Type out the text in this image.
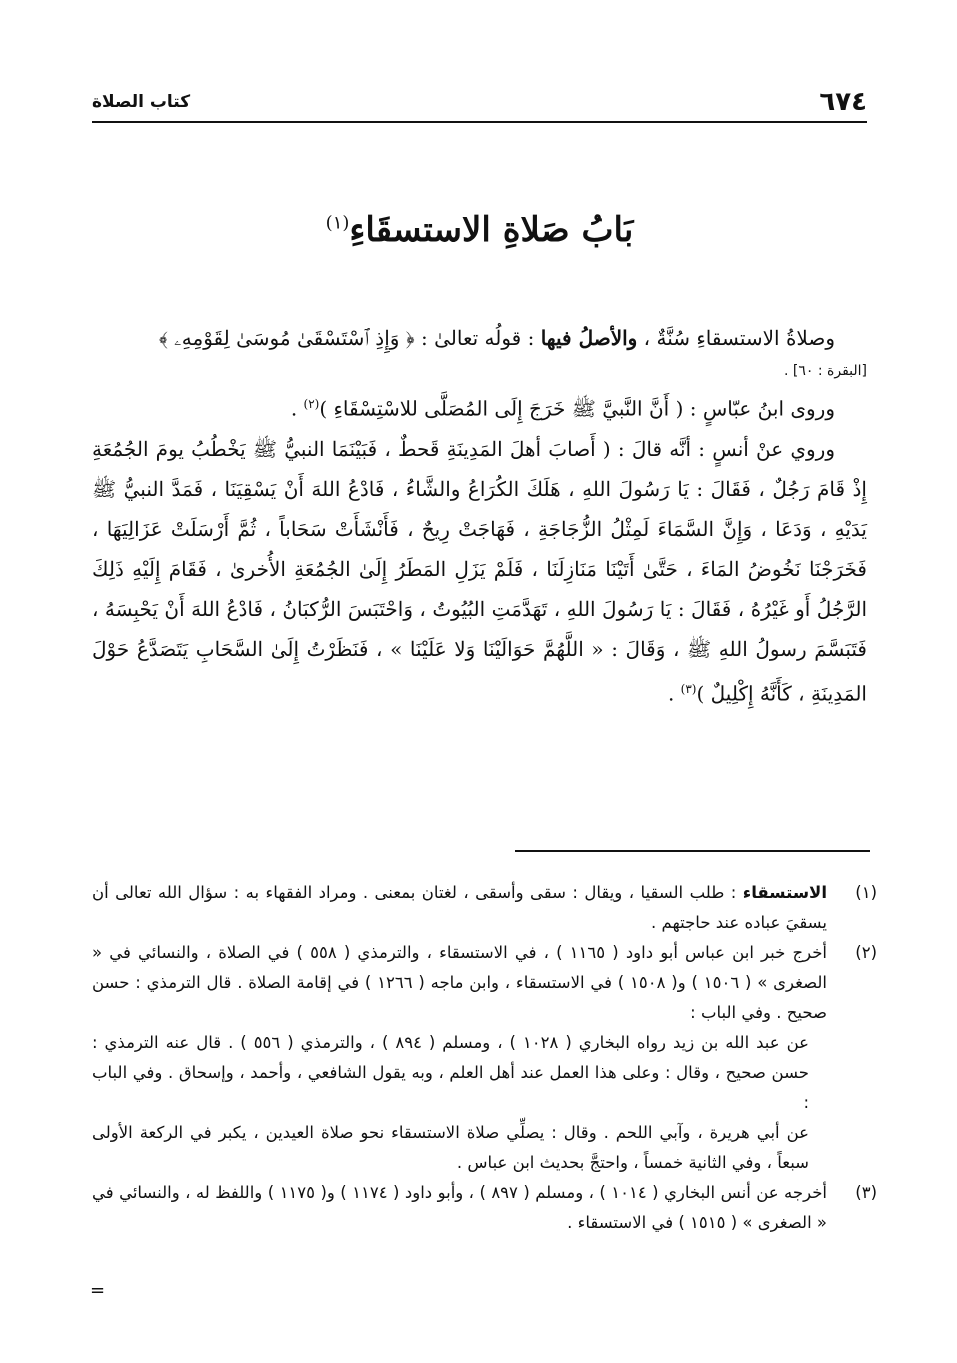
٦٧٤
كتاب الصلاة
بَابُ صَلاةِ الاستسقَاءِ$^{(١)}$

وصلاةُ الاستسقاءِ سُنَّةٌ ، والأصلُ فيها : قولُه تعالىٰ : ﴿ وَإِذِ ٱسْتَسْقَىٰ مُوسَىٰ لِقَوْمِهِۦ ﴾

[البقرة : ٦٠] .

وروى ابنُ عبّاسٍ : ( أَنَّ النَّبيَّ ﷺ خَرَجَ إِلَى المُصَلَّى للاسْتِسْقَاءِ )$^{(٢)}$ .

وروي عنْ أنسٍ : أنَّه قالَ : ( أَصابَ أهلَ المَدِينَةِ قَحطٌ ، فَبَيْنَمَا النبيُّ ﷺ يَخْطُبُ يومَ الجُمُعَةِ إِذْ قَامَ رَجُلٌ ، فَقَالَ : يَا رَسُولَ اللهِ ، هَلَكَ الكُرَاعُ والشَّاءُ ، فَادْعُ اللهَ أَنْ يَسْقِيَنَا ، فَمَدَّ النبيُّ ﷺ يَدَيْهِ ، وَدَعَا ، وَإِنَّ السَّمَاءَ لَمِثْلُ الزُّجَاجَةِ ، فَهَاجَتْ رِيحٌ ، فَأَنْشَأَتْ سَحَاباً ، ثُمَّ أَرْسَلَتْ عَزَالِيَهَا ، فَخَرَجْنَا نَخُوضُ المَاءَ ، حَتَّىٰ أَتَيْنَا مَنَازِلَنَا ، فَلَمْ يَزَلِ المَطَرُ إِلَىٰ الجُمُعَةِ الأُخرىٰ ، فَقَامَ إِلَيْهِ ذَلِكَ الرَّجُلُ أَو غَيْرُهُ ، فَقَالَ : يَا رَسُولَ اللهِ ، تَهَدَّمَتِ البُيُوتُ ، وَاحْتَبَسَ الرُّكبَانُ ، فَادْعُ اللهَ أَنْ يَحْبِسَهُ ، فَتَبَسَّمَ رسولُ اللهِ ﷺ ، وَقَالَ : « اللَّهُمَّ حَوَالَيْنَا وَلا عَلَيْنَا » ، فَنَظَرْتُ إِلَىٰ السَّحَابِ يَتَصَدَّعُ حَوْلَ المَدِينَةِ ، كَأَنَّهُ إِكْلِيلٌ )$^{(٣)}$ .

(١)

الاستسقاء : طلب السقيا ، ويقال : سقى وأسقى ، لغتان بمعنى . ومراد الفقهاء به : سؤال الله تعالى أن يسقيَ عباده عند حاجتهم .

(٢)

أخرج خبر ابن عباس أبو داود ( ١١٦٥ ) ، في الاستسقاء ، والترمذي ( ٥٥٨ ) في الصلاة ، والنسائي في « الصغرى » ( ١٥٠٦ ) و( ١٥٠٨ ) في الاستسقاء ، وابن ماجه ( ١٢٦٦ ) في إقامة الصلاة . قال الترمذي : حسن صحيح . وفي الباب :

عن عبد الله بن زيد رواه البخاري ( ١٠٢٨ ) ، ومسلم ( ٨٩٤ ) ، والترمذي ( ٥٥٦ ) . قال عنه الترمذي : حسن صحيح ، وقال : وعلى هذا العمل عند أهل العلم ، وبه يقول الشافعي ، وأحمد ، وإسحاق . وفي الباب :

عن أبي هريرة ، وآبي اللحم . وقال : يصلِّي صلاة الاستسقاء نحو صلاة العيدين ، يكبر في الركعة الأولى سبعاً ، وفي الثانية خمساً ، واحتجَّ بحديث ابن عباس .

(٣)

أخرجه عن أنس البخاري ( ١٠١٤ ) ، ومسلم ( ٨٩٧ ) ، وأبو داود ( ١١٧٤ ) و( ١١٧٥ ) واللفظ له ، والنسائي في « الصغرى » ( ١٥١٥ ) في الاستسقاء .

=
